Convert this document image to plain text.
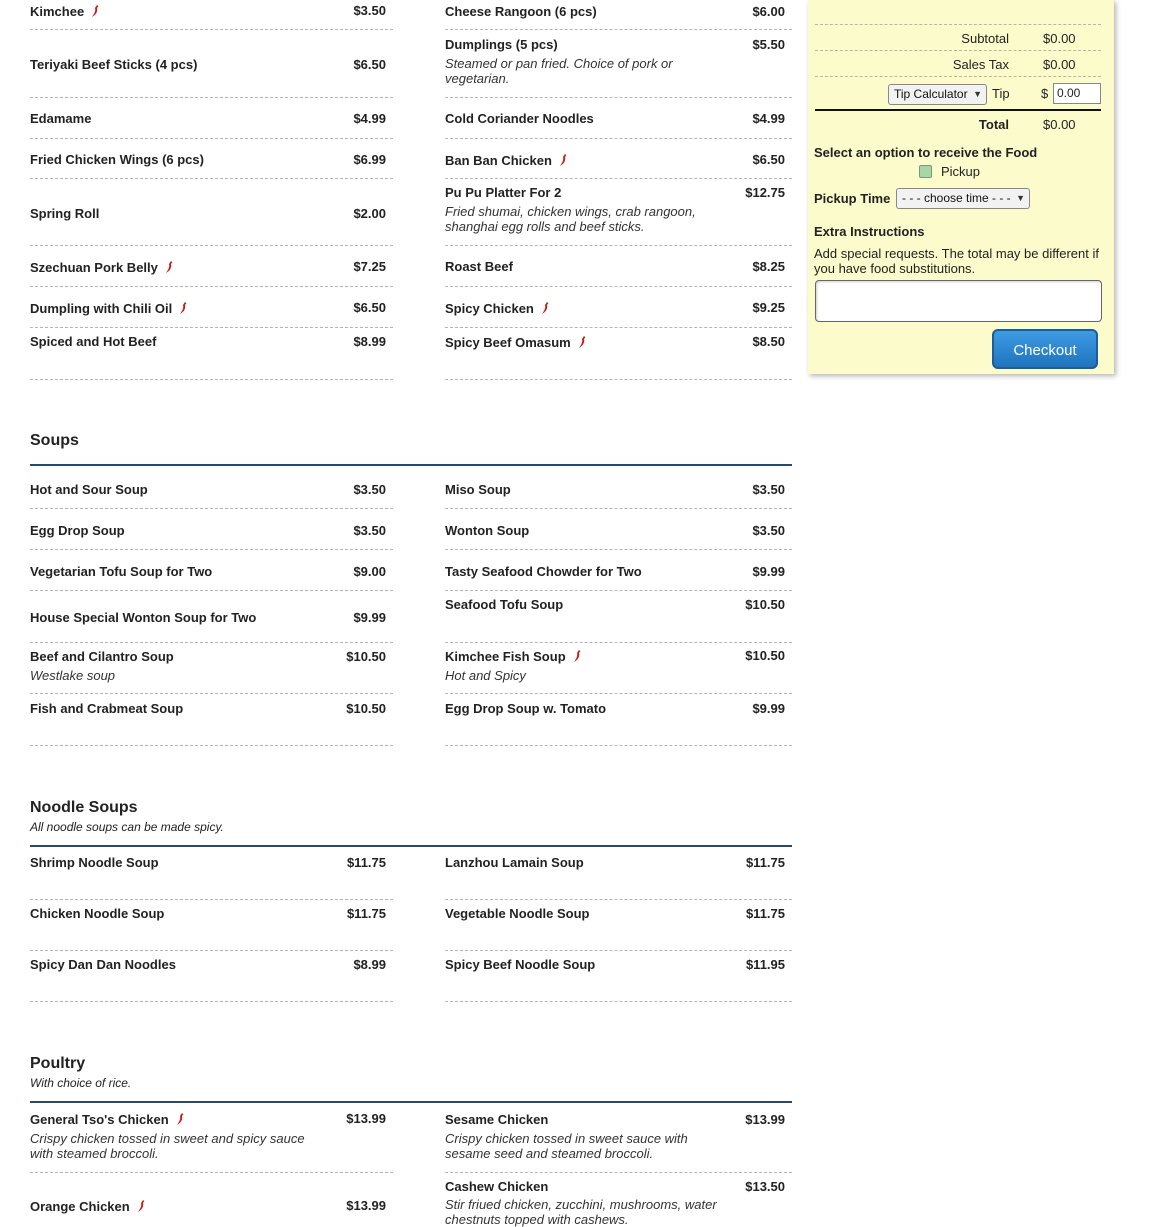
Kimchee	$3.50
Teriyaki Beef Sticks (4 pcs)	$6.50
Edamame	$4.99
Fried Chicken Wings (6 pcs)	$6.99
Spring Roll	$2.00
Szechuan Pork Belly	$7.25
Dumpling with Chili Oil	$6.50
Spiced and Hot Beef	$8.99
Cheese Rangoon (6 pcs)	$6.00
Dumplings (5 pcs)	$5.50
Steamed or pan fried. Choice of pork or vegetarian.
Cold Coriander Noodles	$4.99
Ban Ban Chicken	$6.50
Pu Pu Platter For 2	$12.75
Fried shumai, chicken wings, crab rangoon, shanghai egg rolls and beef sticks.
Roast Beef	$8.25
Spicy Chicken	$9.25
Spicy Beef Omasum	$8.50
Soups
Hot and Sour Soup	$3.50
Egg Drop Soup	$3.50
Vegetarian Tofu Soup for Two	$9.00
House Special Wonton Soup for Two	$9.99
Beef and Cilantro Soup	$10.50
Westlake soup
Fish and Crabmeat Soup	$10.50
Miso Soup	$3.50
Wonton Soup	$3.50
Tasty Seafood Chowder for Two	$9.99
Seafood Tofu Soup	$10.50
Kimchee Fish Soup	$10.50
Hot and Spicy
Egg Drop Soup w. Tomato	$9.99
Noodle Soups
All noodle soups can be made spicy.
Shrimp Noodle Soup	$11.75
Chicken Noodle Soup	$11.75
Spicy Dan Dan Noodles	$8.99
Lanzhou Lamain Soup	$11.75
Vegetable Noodle Soup	$11.75
Spicy Beef Noodle Soup	$11.95
Poultry
With choice of rice.
General Tso's Chicken	$13.99
Crispy chicken tossed in sweet and spicy sauce with steamed broccoli.
Orange Chicken	$13.99
Sesame Chicken	$13.99
Crispy chicken tossed in sweet sauce with sesame seed and steamed broccoli.
Cashew Chicken	$13.50
Stir friued chicken, zucchini, mushrooms, water chestnuts topped with cashews.
Subtotal	$0.00
Sales Tax	$0.00
Tip Calculator ▼	Tip $ 0.00
Total	$0.00
Select an option to receive the Food
Pickup
Pickup Time - - - choose time - - - ▼
Extra Instructions
Add special requests. The total may be different if you have food substitutions.
Checkout
